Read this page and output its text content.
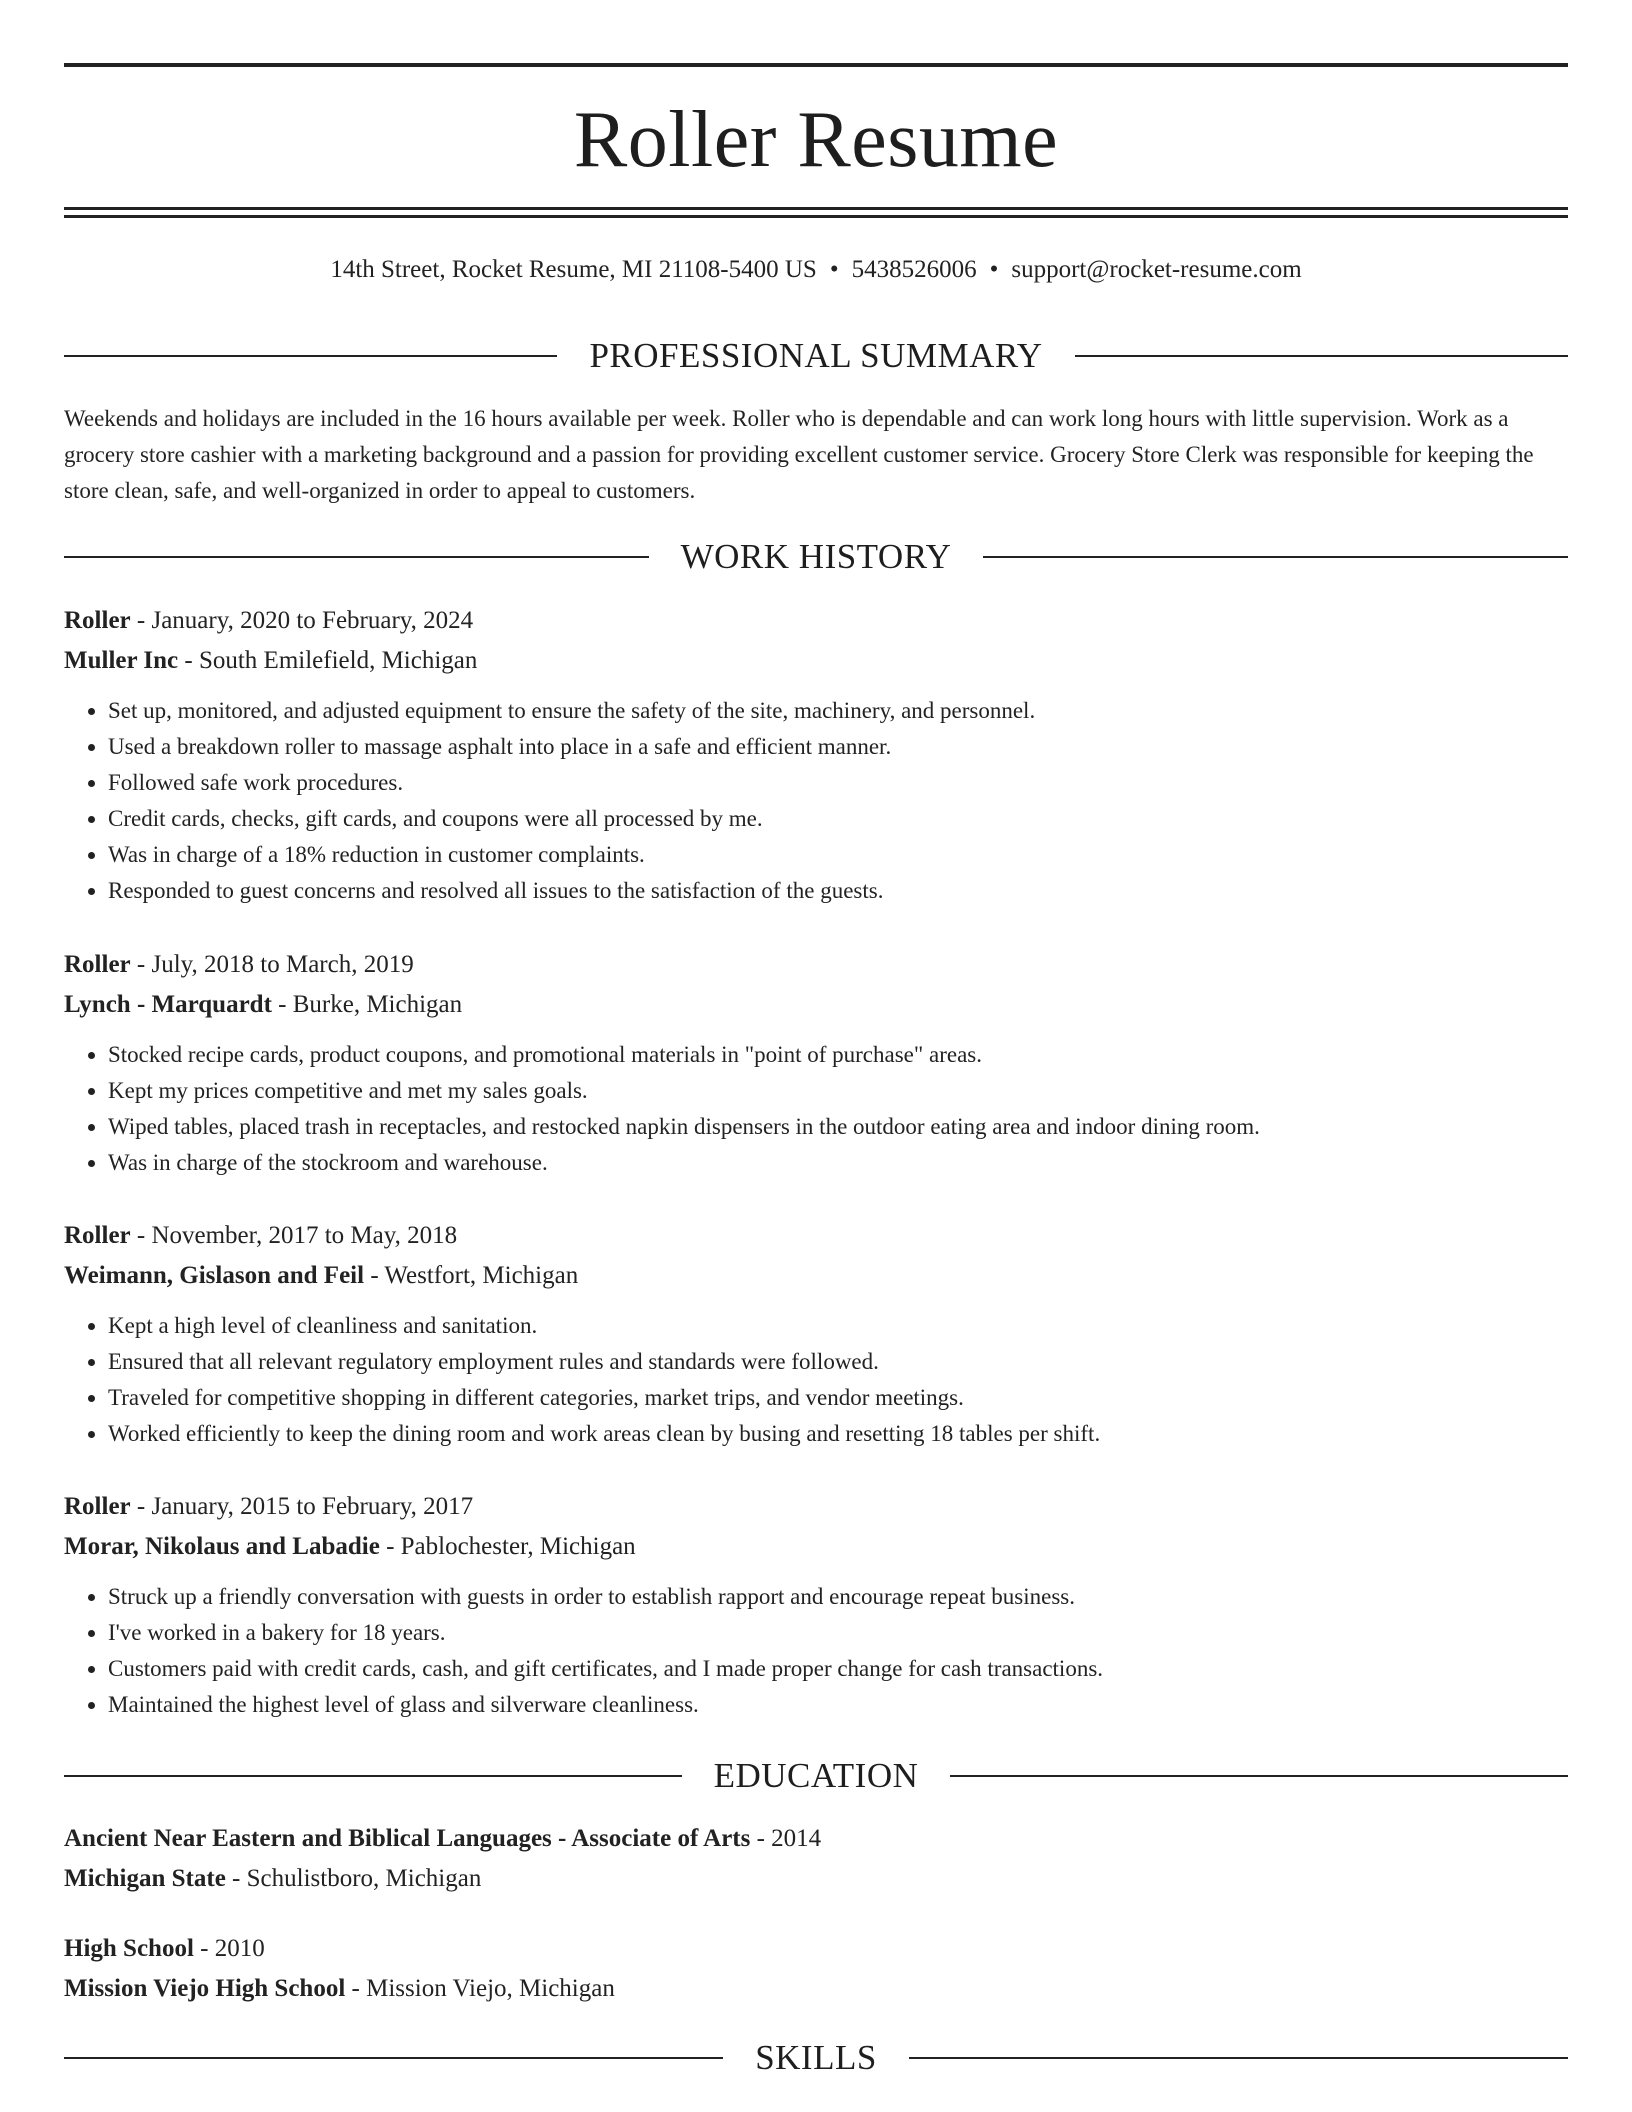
Roller Resume
14th Street, Rocket Resume, MI 21108-5400 US • 5438526006 • support@rocket-resume.com
PROFESSIONAL SUMMARY
Weekends and holidays are included in the 16 hours available per week. Roller who is dependable and can work long hours with little supervision. Work as a grocery store cashier with a marketing background and a passion for providing excellent customer service. Grocery Store Clerk was responsible for keeping the store clean, safe, and well-organized in order to appeal to customers.
WORK HISTORY
Roller - January, 2020 to February, 2024
Muller Inc - South Emilefield, Michigan
• Set up, monitored, and adjusted equipment to ensure the safety of the site, machinery, and personnel.
• Used a breakdown roller to massage asphalt into place in a safe and efficient manner.
• Followed safe work procedures.
• Credit cards, checks, gift cards, and coupons were all processed by me.
• Was in charge of a 18% reduction in customer complaints.
• Responded to guest concerns and resolved all issues to the satisfaction of the guests.
Roller - July, 2018 to March, 2019
Lynch - Marquardt - Burke, Michigan
• Stocked recipe cards, product coupons, and promotional materials in "point of purchase" areas.
• Kept my prices competitive and met my sales goals.
• Wiped tables, placed trash in receptacles, and restocked napkin dispensers in the outdoor eating area and indoor dining room.
• Was in charge of the stockroom and warehouse.
Roller - November, 2017 to May, 2018
Weimann, Gislason and Feil - Westfort, Michigan
• Kept a high level of cleanliness and sanitation.
• Ensured that all relevant regulatory employment rules and standards were followed.
• Traveled for competitive shopping in different categories, market trips, and vendor meetings.
• Worked efficiently to keep the dining room and work areas clean by busing and resetting 18 tables per shift.
Roller - January, 2015 to February, 2017
Morar, Nikolaus and Labadie - Pablochester, Michigan
• Struck up a friendly conversation with guests in order to establish rapport and encourage repeat business.
• I've worked in a bakery for 18 years.
• Customers paid with credit cards, cash, and gift certificates, and I made proper change for cash transactions.
• Maintained the highest level of glass and silverware cleanliness.
EDUCATION
Ancient Near Eastern and Biblical Languages - Associate of Arts - 2014
Michigan State - Schulistboro, Michigan
High School - 2010
Mission Viejo High School - Mission Viejo, Michigan
SKILLS
